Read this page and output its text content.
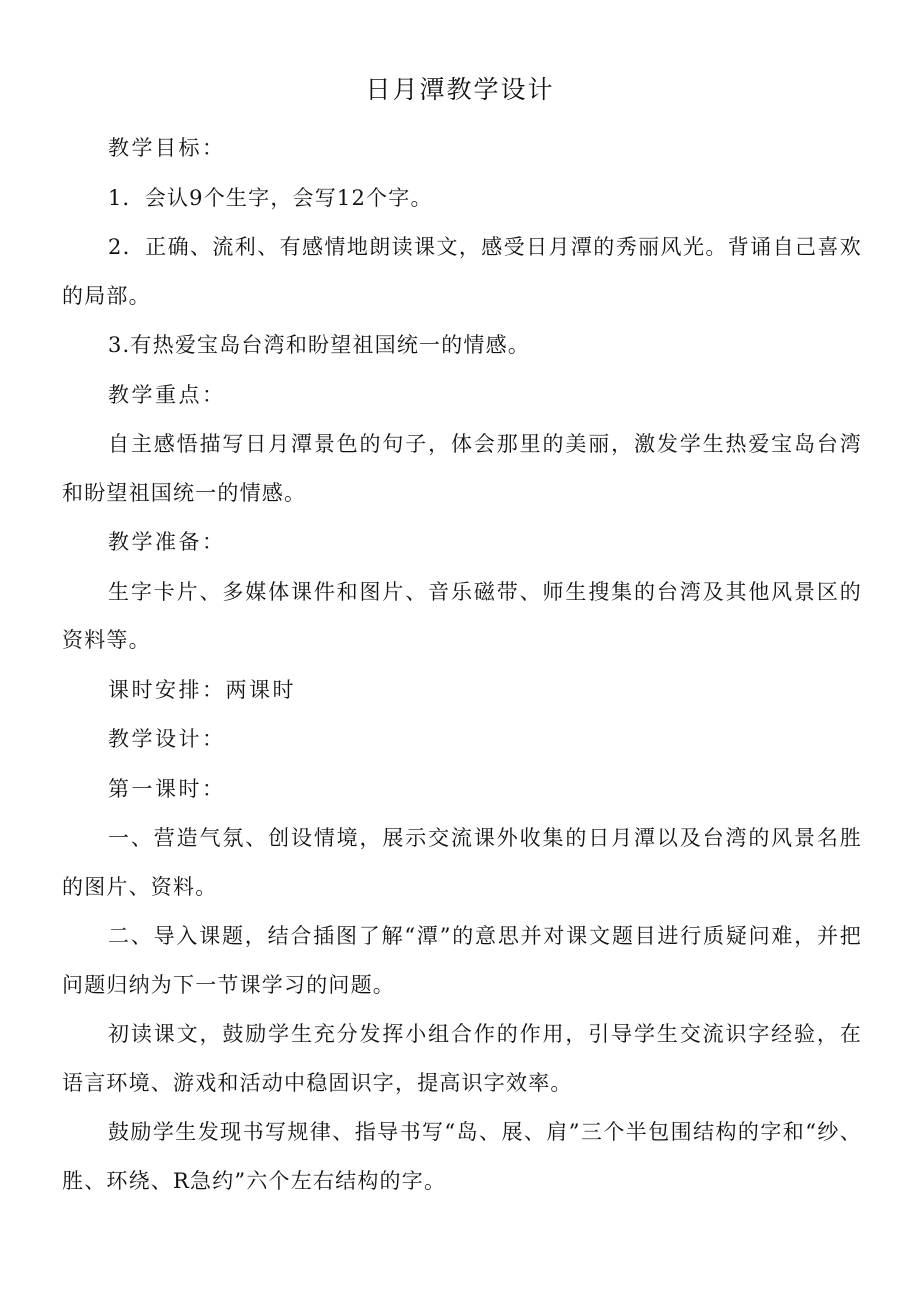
日月潭教学设计

教学目标：

1．会认9个生字，会写12个字。

2．正确、流利、有感情地朗读课文，感受日月潭的秀丽风光。背诵自己喜欢的局部。

3.有热爱宝岛台湾和盼望祖国统一的情感。

教学重点：

自主感悟描写日月潭景色的句子，体会那里的美丽，激发学生热爱宝岛台湾和盼望祖国统一的情感。

教学准备：

生字卡片、多媒体课件和图片、音乐磁带、师生搜集的台湾及其他风景区的资料等。

课时安排：两课时

教学设计：

第一课时：

一、营造气氛、创设情境，展示交流课外收集的日月潭以及台湾的风景名胜的图片、资料。

二、导入课题，结合插图了解“潭”的意思并对课文题目进行质疑问难，并把问题归纳为下一节课学习的问题。

初读课文，鼓励学生充分发挥小组合作的作用，引导学生交流识字经验，在语言环境、游戏和活动中稳固识字，提高识字效率。

鼓励学生发现书写规律、指导书写“岛、展、肩”三个半包围结构的字和“纱、胜、环绕、R急约”六个左右结构的字。
